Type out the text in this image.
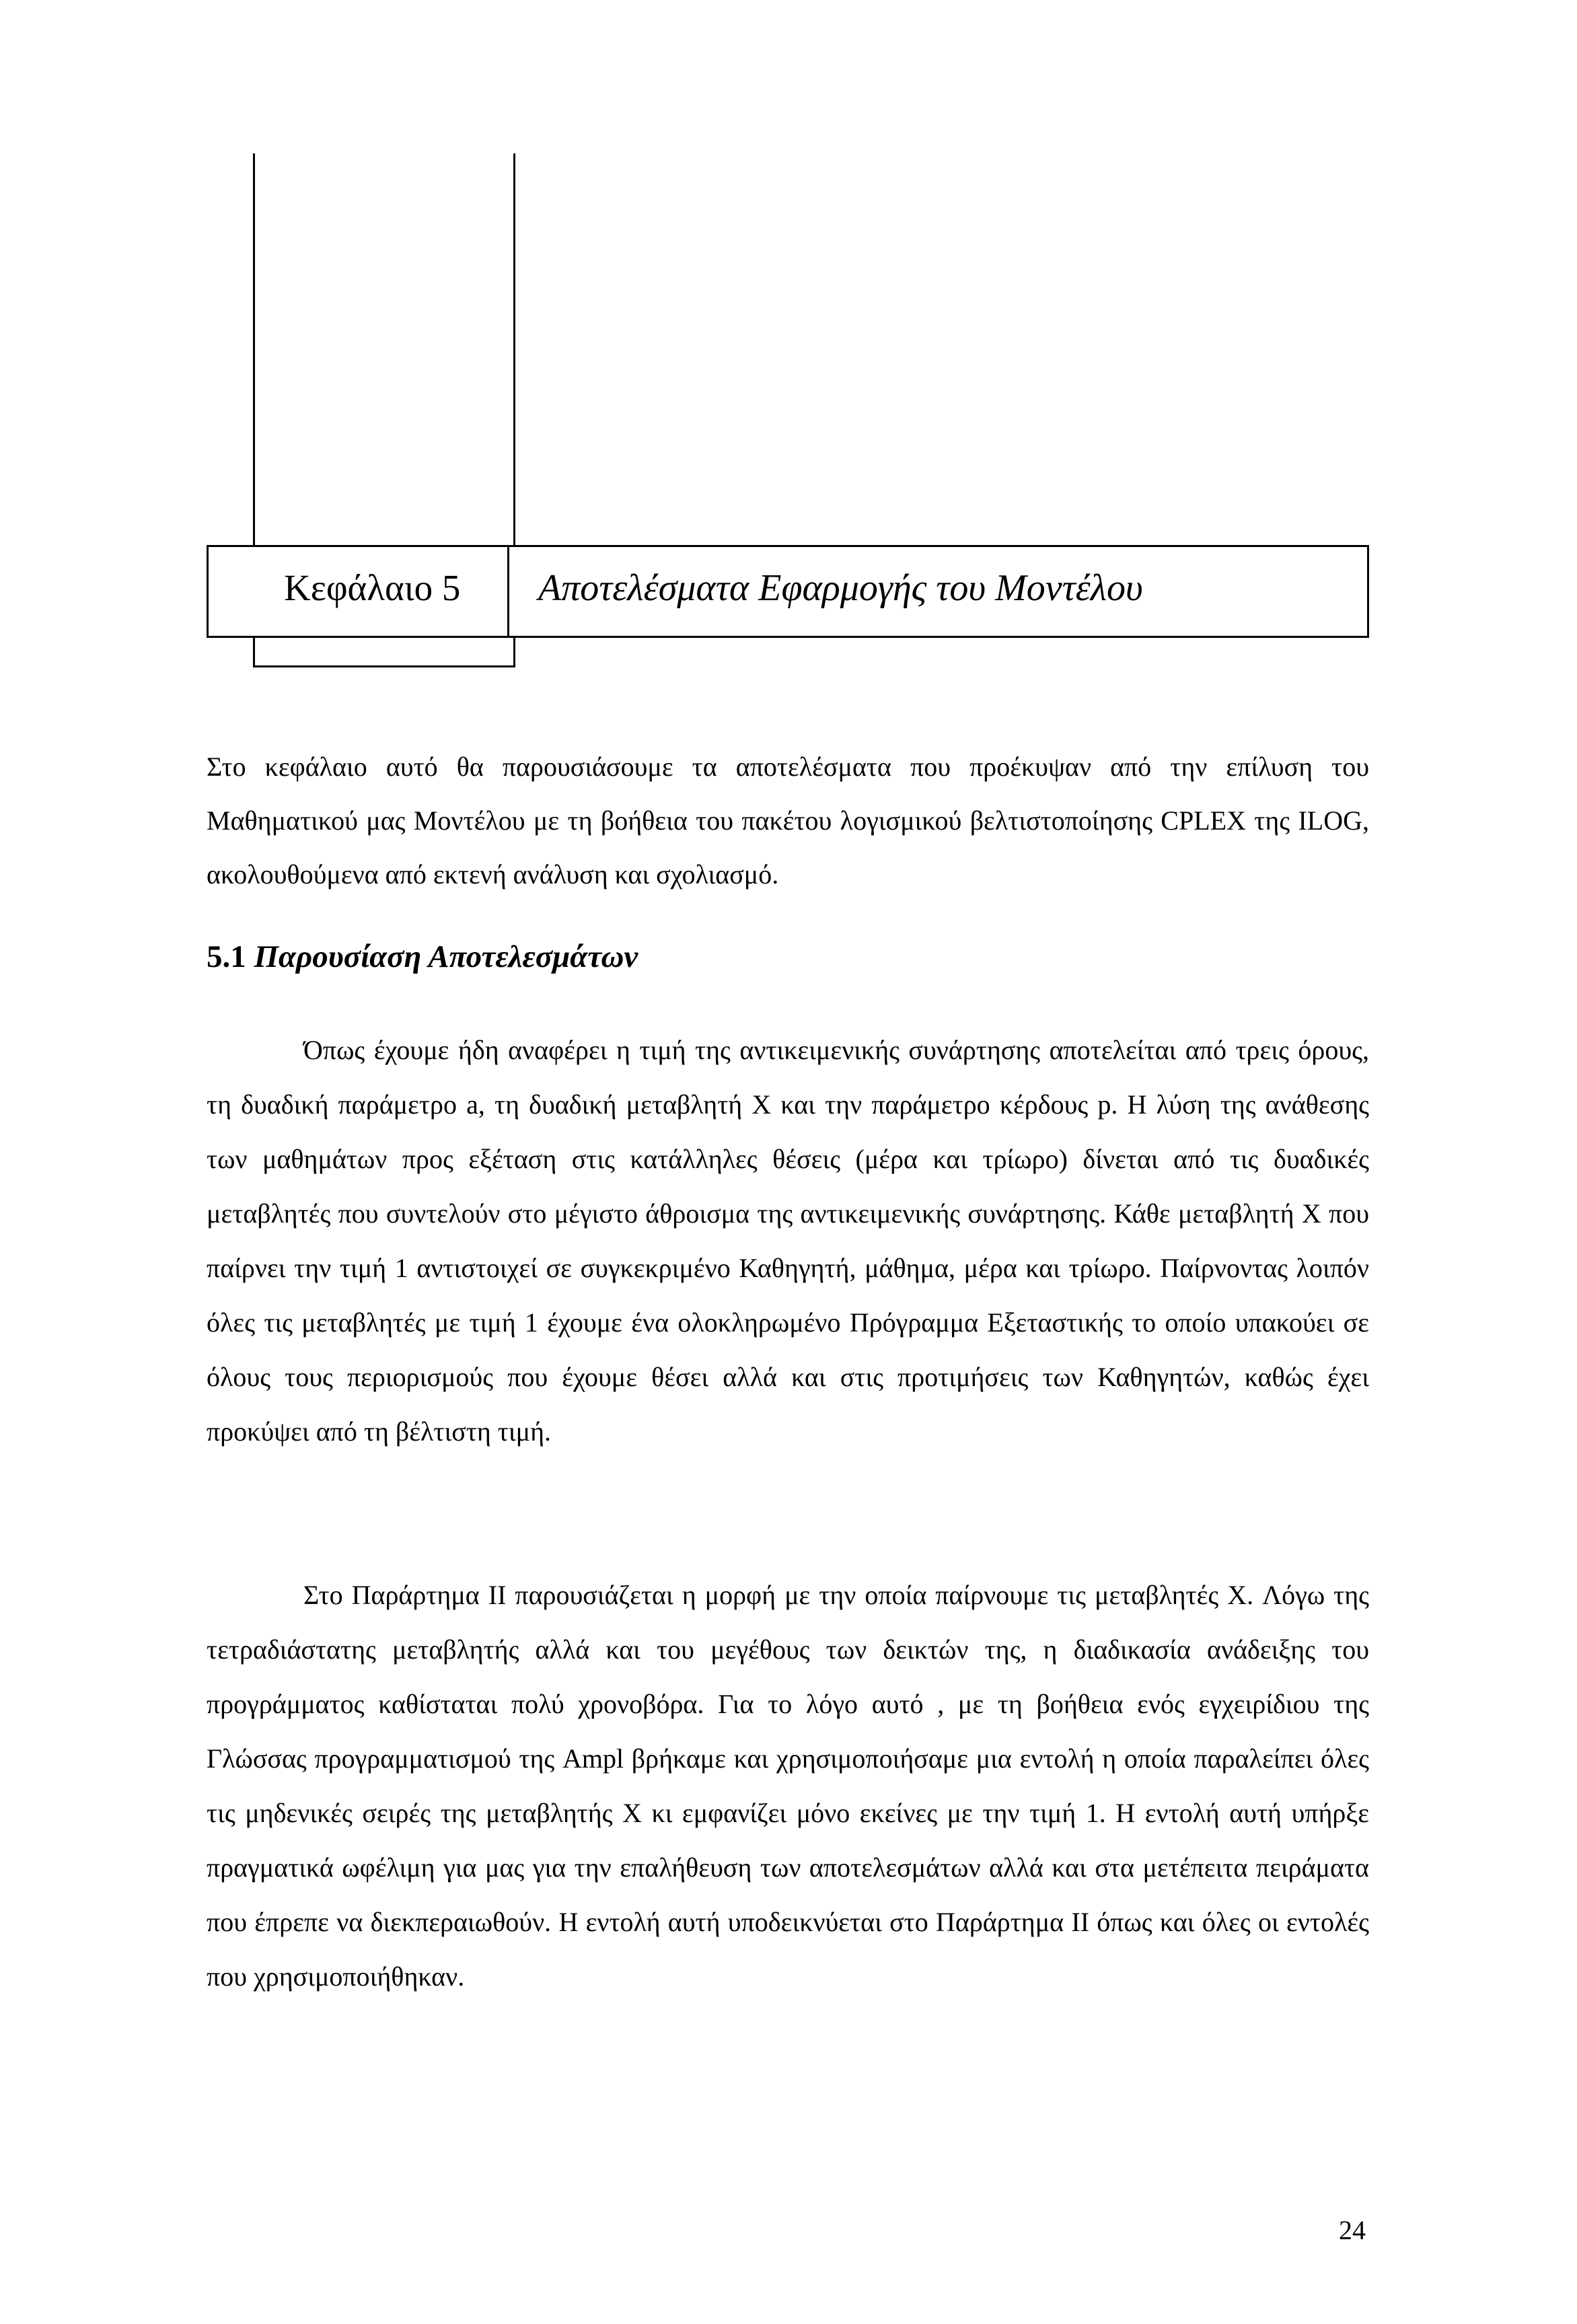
Κεφάλαιο 5 Αποτελέσματα Εφαρμογής του Μοντέλου

Στο κεφάλαιο αυτό θα παρουσιάσουμε τα αποτελέσματα που προέκυψαν από την επίλυση του Μαθηματικού μας Μοντέλου με τη βοήθεια του πακέτου λογισμικού βελτιστοποίησης CPLEX της ILOG, ακολουθούμενα από εκτενή ανάλυση και σχολιασμό.

5.1 Παρουσίαση Αποτελεσμάτων

Όπως έχουμε ήδη αναφέρει η τιμή της αντικειμενικής συνάρτησης αποτελείται από τρεις όρους, τη δυαδική παράμετρο a, τη δυαδική μεταβλητή X και την παράμετρο κέρδους p. Η λύση της ανάθεσης των μαθημάτων προς εξέταση στις κατάλληλες θέσεις (μέρα και τρίωρο) δίνεται από τις δυαδικές μεταβλητές που συντελούν στο μέγιστο άθροισμα της αντικειμενικής συνάρτησης. Κάθε μεταβλητή X που παίρνει την τιμή 1 αντιστοιχεί σε συγκεκριμένο Καθηγητή, μάθημα, μέρα και τρίωρο. Παίρνοντας λοιπόν όλες τις μεταβλητές με τιμή 1 έχουμε ένα ολοκληρωμένο Πρόγραμμα Εξεταστικής το οποίο υπακούει σε όλους τους περιορισμούς που έχουμε θέσει αλλά και στις προτιμήσεις των Καθηγητών, καθώς έχει προκύψει από τη βέλτιστη τιμή.

Στο Παράρτημα ΙΙ παρουσιάζεται η μορφή με την οποία παίρνουμε τις μεταβλητές X. Λόγω της τετραδιάστατης μεταβλητής αλλά και του μεγέθους των δεικτών της, η διαδικασία ανάδειξης του προγράμματος καθίσταται πολύ χρονοβόρα. Για το λόγο αυτό , με τη βοήθεια ενός εγχειρίδιου της Γλώσσας προγραμματισμού της Ampl βρήκαμε και χρησιμοποιήσαμε μια εντολή η οποία παραλείπει όλες τις μηδενικές σειρές της μεταβλητής X κι εμφανίζει μόνο εκείνες με την τιμή 1. Η εντολή αυτή υπήρξε πραγματικά ωφέλιμη για μας για την επαλήθευση των αποτελεσμάτων αλλά και στα μετέπειτα πειράματα που έπρεπε να διεκπεραιωθούν. Η εντολή αυτή υποδεικνύεται στο Παράρτημα ΙΙ όπως και όλες οι εντολές που χρησιμοποιήθηκαν.

24
